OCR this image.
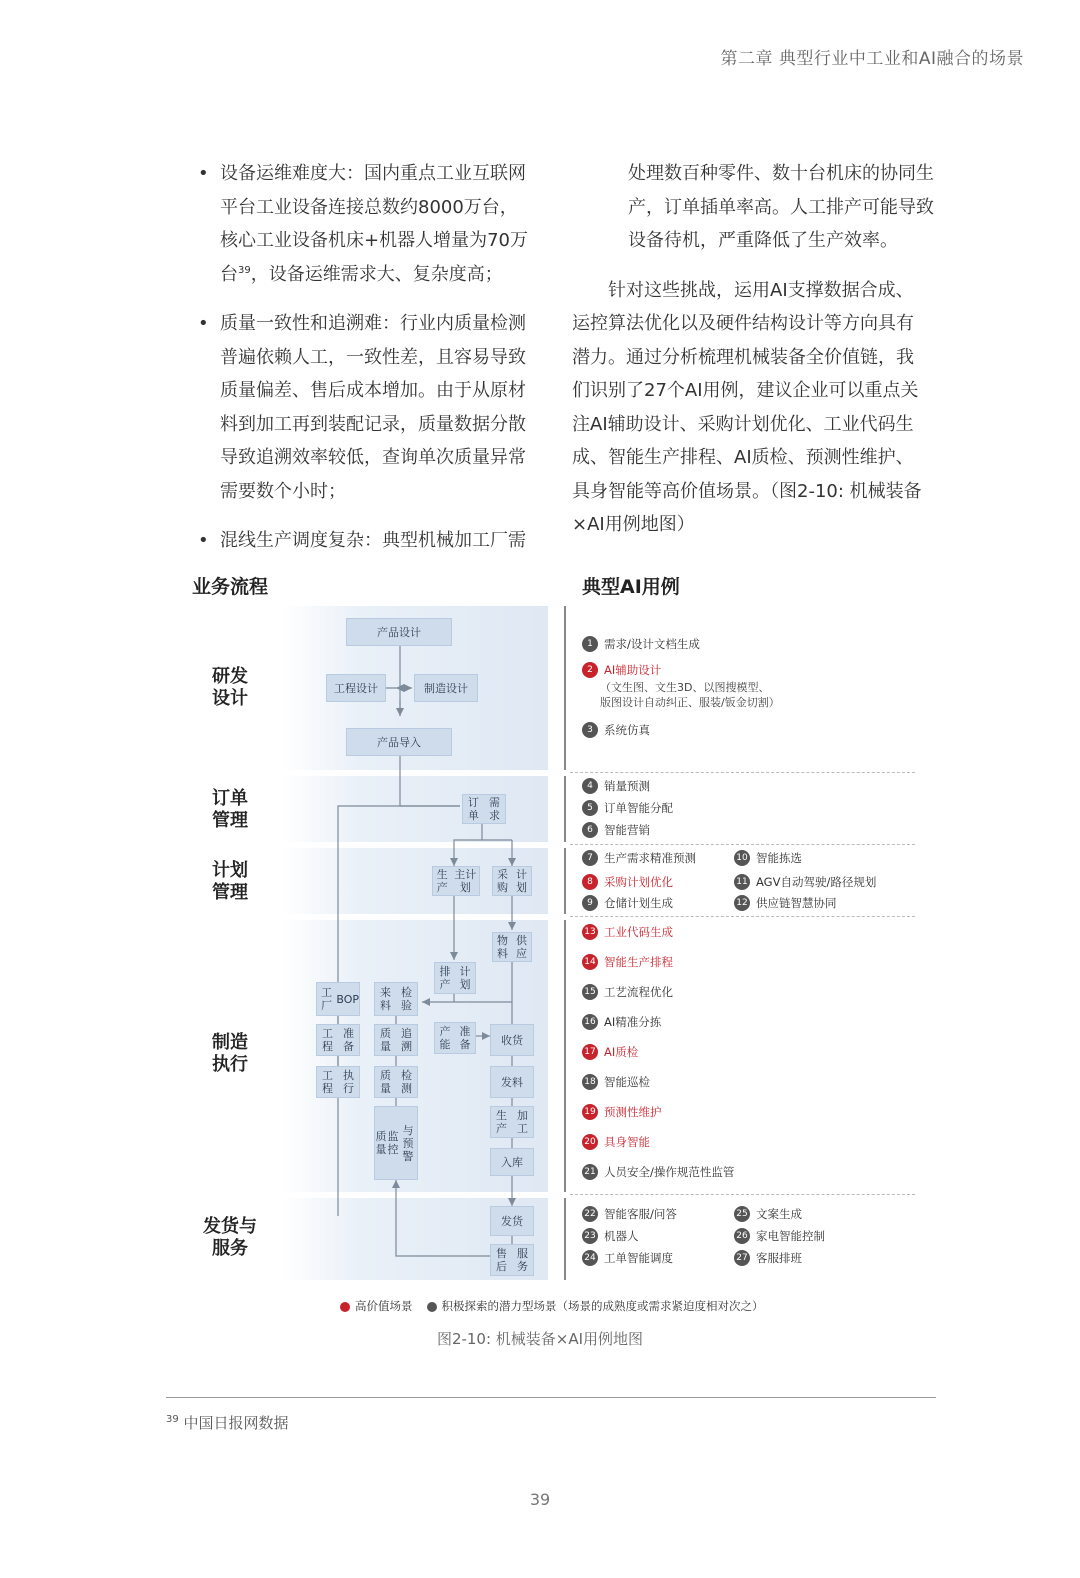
第二章 典型行业中工业和AI融合的场景
• 设备运维难度大：国内重点工业互联网
平台工业设备连接总数约8000万台，
核心工业设备机床+机器人增量为70万
台$^{39}$，设备运维需求大、复杂度高；
• 质量一致性和追溯难：行业内质量检测
普遍依赖人工，一致性差，且容易导致
质量偏差、售后成本增加。由于从原材
料到加工再到装配记录，质量数据分散
导致追溯效率较低，查询单次质量异常
需要数个小时；
• 混线生产调度复杂：典型机械加工厂需
处理数百种零件、数十台机床的协同生
产，订单插单率高。人工排产可能导致
设备待机，严重降低了生产效率。
针对这些挑战，运用AI支撑数据合成、
运控算法优化以及硬件结构设计等方向具有
潜力。通过分析梳理机械装备全价值链，我
们识别了27个AI用例，建议企业可以重点关
注AI辅助设计、采购计划优化、工业代码生
成、智能生产排程、AI质检、预测性维护、
具身智能等高价值场景。（图2-10: 机械装备
×AI用例地图）
业务流程	典型AI用例
研发
设计
订单
管理
计划
管理
制造
执行
发货与
服务
产品设计
工程设计	制造设计
产品导入
订单

需求
生产

主计划
采购

计划
物料

供应
排产

计划
工厂 BOP	来料

检验
工程

准备
质量

追溯
产能

准备	收货
工程

执行
质量

检测	发料
质量

监控

与预警
生产

加工
入库
发货
售后

服务
1 需求/设计文档生成
2 AI辅助设计
（文生图、文生3D、以图搜模型、
版图设计自动纠正、服装/钣金切割）
3 系统仿真
4 销量预测
5 订单智能分配
6 智能营销
7 生产需求精准预测
8 采购计划优化
9 仓储计划生成
10 智能拣选
11 AGV自动驾驶/路径规划
12 供应链智慧协同
13 工业代码生成
14 智能生产排程
15 工艺流程优化
16 AI精准分拣
17 AI质检
18 智能巡检
19 预测性维护
20 具身智能
21 人员安全/操作规范性监管
22 智能客服/问答
23 机器人
24 工单智能调度
25 文案生成
26 家电智能控制
27 客服排班
高价值场景	积极探索的潜力型场景（场景的成熟度或需求紧迫度相对次之）
图2-10: 机械装备×AI用例地图
$^{39}$ 中国日报网数据
39
